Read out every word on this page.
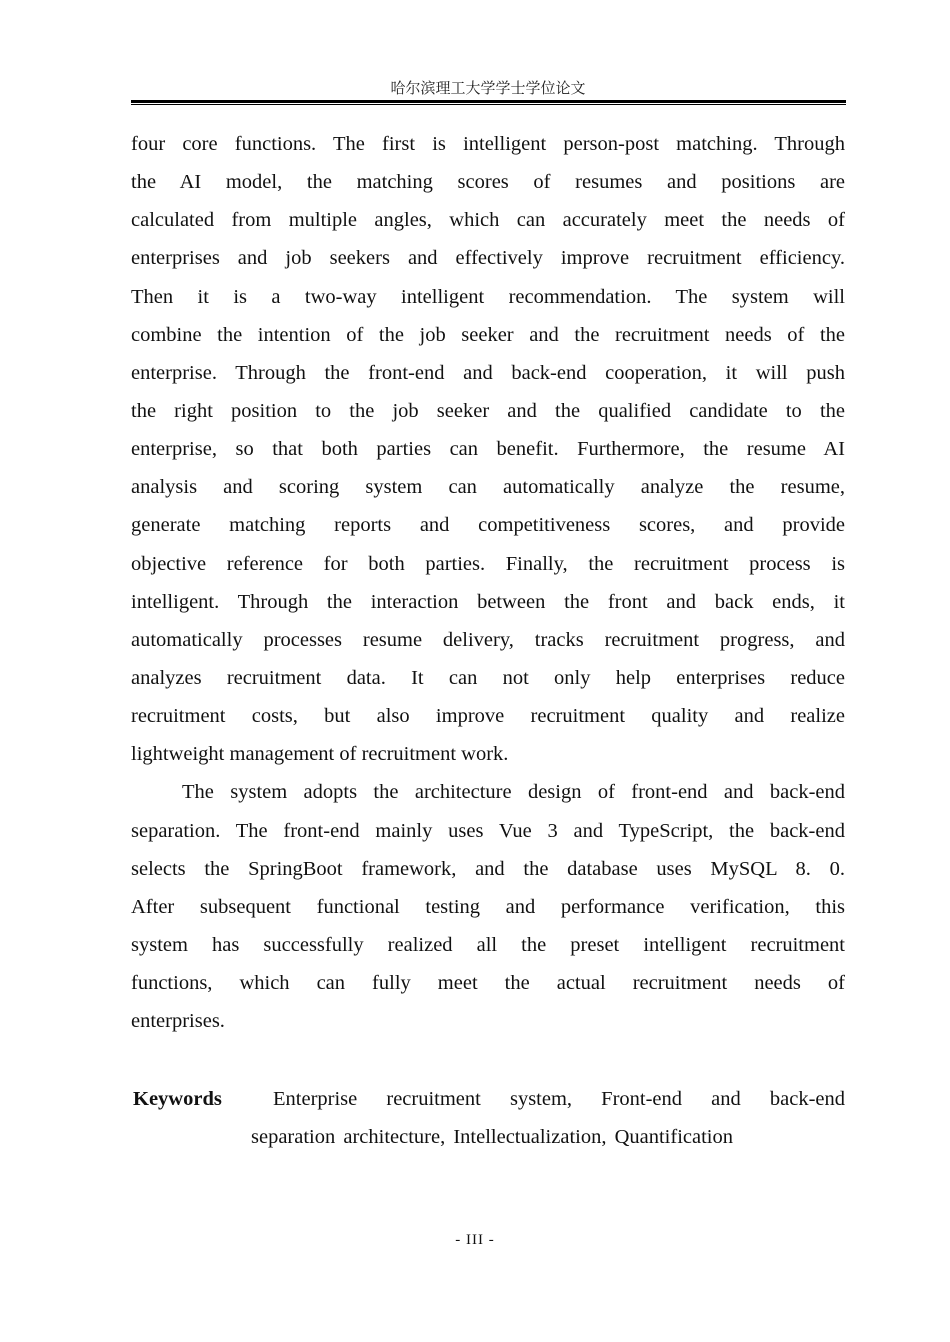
哈尔滨理工大学学士学位论文
four core functions. The first is intelligent person-post matching. Through
the AI model, the matching scores of resumes and positions are
calculated from multiple angles, which can accurately meet the needs of
enterprises and job seekers and effectively improve recruitment efficiency.
Then it is a two-way intelligent recommendation. The system will
combine the intention of the job seeker and the recruitment needs of the
enterprise. Through the front-end and back-end cooperation, it will push
the right position to the job seeker and the qualified candidate to the
enterprise, so that both parties can benefit. Furthermore, the resume AI
analysis and scoring system can automatically analyze the resume,
generate matching reports and competitiveness scores, and provide
objective reference for both parties. Finally, the recruitment process is
intelligent. Through the interaction between the front and back ends, it
automatically processes resume delivery, tracks recruitment progress, and
analyzes recruitment data. It can not only help enterprises reduce
recruitment costs, but also improve recruitment quality and realize
lightweight management of recruitment work.
The system adopts the architecture design of front-end and back-end
separation. The front-end mainly uses Vue 3 and TypeScript, the back-end
selects the SpringBoot framework, and the database uses MySQL 8. 0.
After subsequent functional testing and performance verification, this
system has successfully realized all the preset intelligent recruitment
functions, which can fully meet the actual recruitment needs of
enterprises.
Keywords Enterprise recruitment system, Front-end and back-end
separation architecture, Intellectualization, Quantification
- III -
